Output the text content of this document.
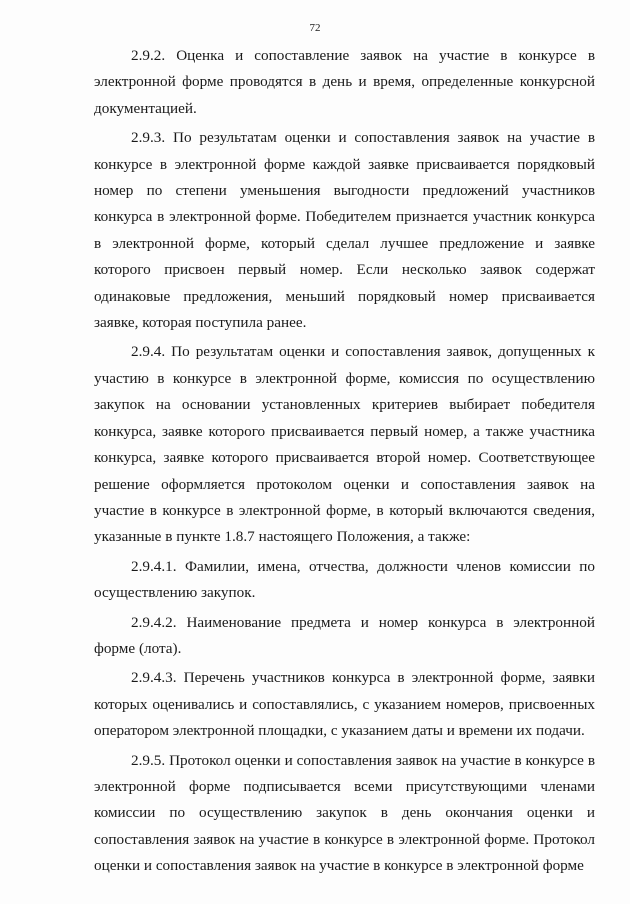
72

2.9.2. Оценка и сопоставление заявок на участие в конкурсе в электронной форме проводятся в день и время, определенные конкурсной документацией.

2.9.3. По результатам оценки и сопоставления заявок на участие в конкурсе в электронной форме каждой заявке присваивается порядковый номер по степени уменьшения выгодности предложений участников конкурса в электронной форме. Победителем признается участник конкурса в электронной форме, который сделал лучшее предложение и заявке которого присвоен первый номер. Если несколько заявок содержат одинаковые предложения, меньший порядковый номер присваивается заявке, которая поступила ранее.

2.9.4. По результатам оценки и сопоставления заявок, допущенных к участию в конкурсе в электронной форме, комиссия по осуществлению закупок на основании установленных критериев выбирает победителя конкурса, заявке которого присваивается первый номер, а также участника конкурса, заявке которого присваивается второй номер. Соответствующее решение оформляется протоколом оценки и сопоставления заявок на участие в конкурсе в электронной форме, в который включаются сведения, указанные в пункте 1.8.7 настоящего Положения, а также:

2.9.4.1. Фамилии, имена, отчества, должности членов комиссии по осуществлению закупок.

2.9.4.2. Наименование предмета и номер конкурса в электронной форме (лота).

2.9.4.3. Перечень участников конкурса в электронной форме, заявки которых оценивались и сопоставлялись, с указанием номеров, присвоенных оператором электронной площадки, с указанием даты и времени их подачи.

2.9.5. Протокол оценки и сопоставления заявок на участие в конкурсе в электронной форме подписывается всеми присутствующими членами комиссии по осуществлению закупок в день окончания оценки и сопоставления заявок на участие в конкурсе в электронной форме. Протокол оценки и сопоставления заявок на участие в конкурсе в электронной форме
